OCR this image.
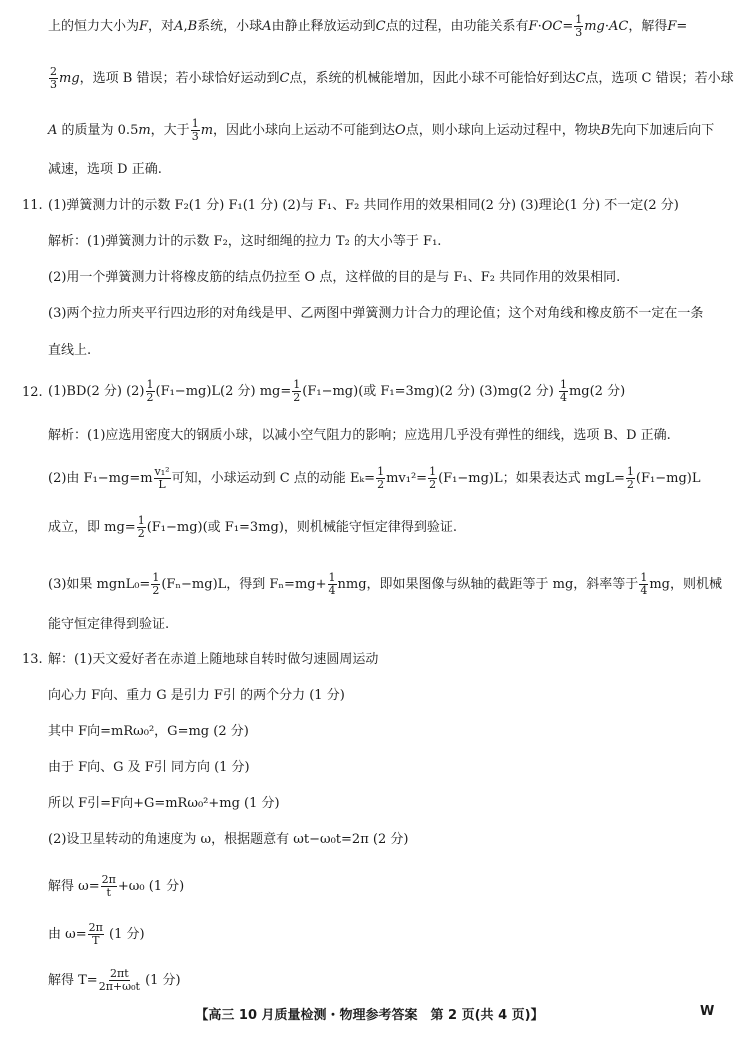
上的恒力大小为F，对A,B系统，小球A由静止释放运动到C点的过程，由功能关系有$F\cdot OC= \frac{1}{3} mg\cdot AC$，解得F=
$\frac{2}{3}$ mg，选项 B 错误；若小球恰好运动到C点，系统的机械能增加，因此小球不可能恰好到达C点，选项 C 错误；若小球
A 的质量为 0.5m，大于 $\frac{1}{3}$ m，因此小球向上运动不可能到达O点，则小球向上运动过程中，物块B先向下加速后向下
减速，选项 D 正确.
11. (1)弹簧测力计的示数 F₂(1 分) F₁(1 分) (2)与 F₁、F₂ 共同作用的效果相同(2 分) (3)理论(1 分) 不一定(2 分)
解析：(1)弹簧测力计的示数 F₂，这时细绳的拉力 T₂ 的大小等于 F₁.
(2)用一个弹簧测力计将橡皮筋的结点仍拉至 O 点，这样做的目的是与 F₁、F₂ 共同作用的效果相同.
(3)两个拉力所夹平行四边形的对角线是甲、乙两图中弹簧测力计合力的理论值；这个对角线和橡皮筋不一定在一条
直线上.
12. (1)BD(2 分) $(2) \frac{1}{2} (F_1-mg)L(2$ 分) $mg= \frac{1}{2} (F_1-mg)$(或 F₁=3mg)(2 分) (3)mg(2 分) $\frac{1}{4} mg(2$ 分)
解析：(1)应选用密度大的钢质小球，以减小空气阻力的影响；应选用几乎没有弹性的细线，选项 B、D 正确.
(2)由 $F_1-mg=m \frac{\text{v₁²}}{L}$ 可知，小球运动到 C 点的动能 $E_k= \frac{1}{2} mv_1^2= \frac{1}{2} (F_1-mg)L$；如果表达式 $mgL= \frac{1}{2} (F_1-mg)L$
成立，即 $mg= \frac{1}{2} (F_1-mg)$(或 F₁=3mg)，则机械能守恒定律得到验证.
(3)如果 mgnL₀= $\frac{1}{2} (F_n-mg)L$，得到 $F_n=mg+ \frac{1}{4}$ nmg，即如果图像与纵轴的截距等于 mg，斜率等于 $\frac{1}{4}$ mg，则机械
能守恒定律得到验证.
13. 解：(1)天文爱好者在赤道上随地球自转时做匀速圆周运动
向心力 F向、重力 G 是引力 F引 的两个分力 (1 分)
其中 F向=mRω₀²，G=mg (2 分)
由于 F向、G 及 F引 同方向 (1 分)
所以 F引=F向+G=mRω₀²+mg (1 分)
(2)设卫星转动的角速度为 ω，根据题意有 ωt−ω₀t=2π (2 分)
解得 $\omega= \frac{2\pi}{t} +\omega_0$ (1 分)
由 $\omega= \frac{2\pi}{T} (1$ 分)
解得 $T= \frac{2\pi t}{\text{2π+ω₀t}} (1$ 分)
【高三 10 月质量检测・物理参考答案　第 2 页(共 4 页)】	W
